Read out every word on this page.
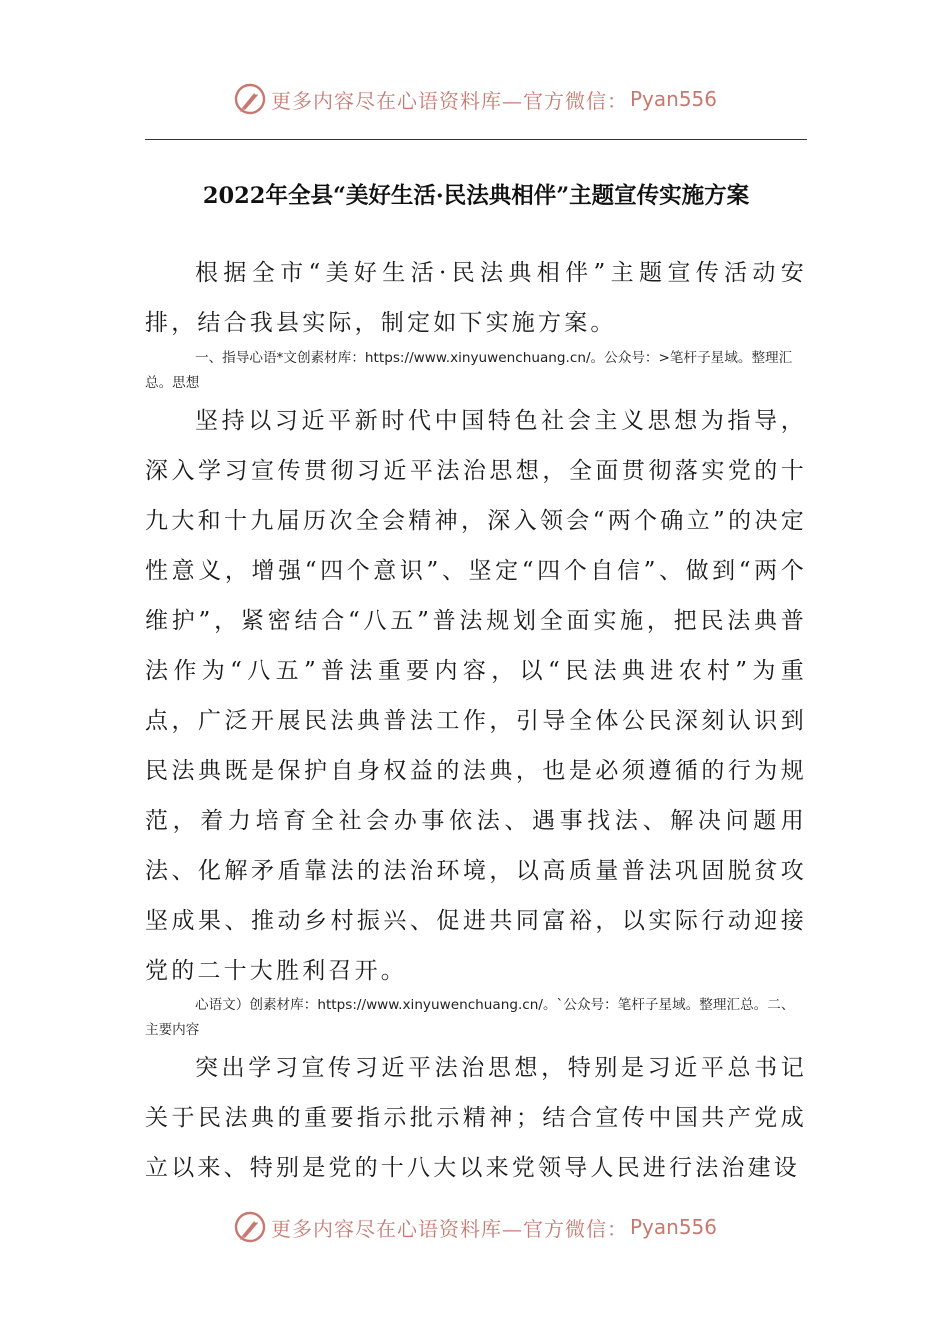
更多内容尽在心语资料库—官方微信： Pyan556
2022年全县“美好生活·民法典相伴”主题宣传实施方案

根据全市“美好生活·民法典相伴”主题宣传活动安排，结合我县实际，制定如下实施方案。

一、指导心语*文创素材库：https://www.xinyuwenchuang.cn/。公众号：>笔杆子星域。整理汇总。思想

坚持以习近平新时代中国特色社会主义思想为指导，深入学习宣传贯彻习近平法治思想，全面贯彻落实党的十九大和十九届历次全会精神，深入领会“两个确立”的决定性意义，增强“四个意识”、坚定“四个自信”、做到“两个维护”，紧密结合“八五”普法规划全面实施，把民法典普法作为“八五”普法重要内容，以“民法典进农村”为重点，广泛开展民法典普法工作，引导全体公民深刻认识到民法典既是保护自身权益的法典，也是必须遵循的行为规范，着力培育全社会办事依法、遇事找法、解决问题用法、化解矛盾靠法的法治环境，以高质量普法巩固脱贫攻坚成果、推动乡村振兴、促进共同富裕，以实际行动迎接党的二十大胜利召开。

心语文）创素材库：https://www.xinyuwenchuang.cn/。`公众号：笔杆子星域。整理汇总。二、主要内容

突出学习宣传习近平法治思想，特别是习近平总书记关于民法典的重要指示批示精神；结合宣传中国共产党成立以来、特别是党的十八大以来党领导人民进行法治建设

更多内容尽在心语资料库—官方微信： Pyan556
